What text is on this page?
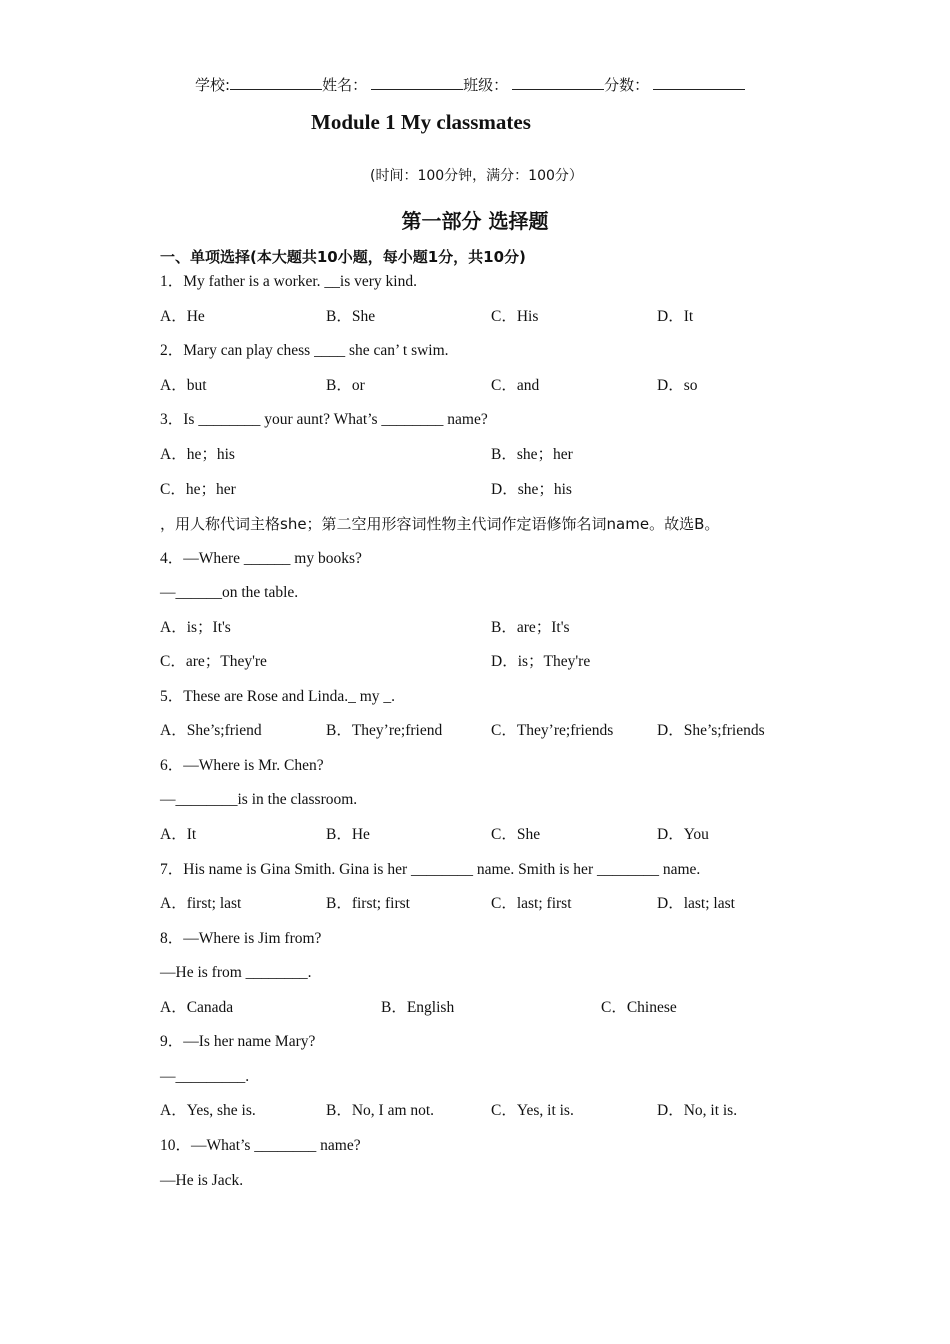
学校:	姓名：	班级：	分数：
Module 1 My classmates
(时间：100分钟，满分：100分）
第一部分 选择题
一、单项选择(本大题共10小题，每小题1分，共10分)
1．My father is a worker. __is very kind.
A．He	B．She	C．His	D．It
2．Mary can play chess ____ she can’ t swim.
A．but	B．or	C．and	D．so
3．Is ________ your aunt? What’s ________ name?
A．he；his	B．she；her
C．he；her	D．she；his
，用人称代词主格she；第二空用形容词性物主代词作定语修饰名词name。故选B。
4．—Where ______ my books?
—______on the table.
A．is；It's	B．are；It's
C．are；They're	D．is；They're
5．These are Rose and Linda._ my _.
A．She’s;friend	B．They’re;friend	C．They’re;friends	D．She’s;friends
6．—Where is Mr. Chen?
—________is in the classroom.
A．It	B．He	C．She	D．You
7．His name is Gina Smith. Gina is her ________ name. Smith is her ________ name.
A．first; last	B．first; first	C．last; first	D．last; last
8．—Where is Jim from?
—He is from ________.
A．Canada	B．English	C．Chinese
9．—Is her name Mary?
—_________.
A．Yes, she is.	B．No, I am not.	C．Yes, it is.	D．No, it is.
10．—What’s ________ name?
—He is Jack.
